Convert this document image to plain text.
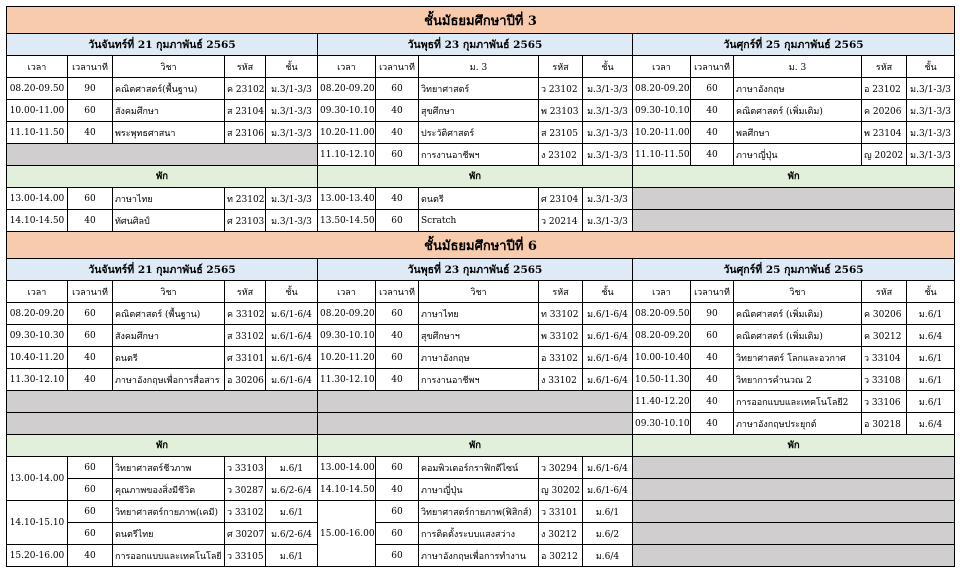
ชั้นมัธยมศึกษาปีที่ 3														
วันจันทร์ที่ 21 กุมภาพันธ์ 2565					วันพุธที่ 23 กุมภาพันธ์ 2565					วันศุกร์ที่ 25 กุมภาพันธ์ 2565				
เวลา	เวลานาที	วิชา	รหัส	ชั้น	เวลา	เวลานาที	ม. 3	รหัส	ชั้น	เวลา	เวลานาที	ม. 3	รหัส	ชั้น
08.20-09.50	90	คณิตศาสตร์(พื้นฐาน)	ค 23102	ม.3/1-3/3	08.20-09.20	60	วิทยาศาสตร์	ว 23102	ม.3/1-3/3	08.20-09.20	60	ภาษาอังกฤษ	อ 23102	ม.3/1-3/3
10.00-11.00	60	สังคมศึกษา	ส 23104	ม.3/1-3/3	09.30-10.10	40	สุขศึกษา	พ 23103	ม.3/1-3/3	09.30-10.10	40	คณิตศาสตร์ (เพิ่มเติม)	ค 20206	ม.3/1-3/3
11.10-11.50	40	พระพุทธศาสนา	ส 23106	ม.3/1-3/3	10.20-11.00	40	ประวัติศาสตร์	ส 23105	ม.3/1-3/3	10.20-11.00	40	พลศึกษา	พ 23104	ม.3/1-3/3
					11.10-12.10	60	การงานอาชีพฯ	ง 23102	ม.3/1-3/3	11.10-11.50	40	ภาษาญี่ปุ่น	ญ 20202	ม.3/1-3/3
พัก					พัก					พัก				
13.00-14.00	60	ภาษาไทย	ท 23102	ม.3/1-3/3	13.00-13.40	40	ดนตรี	ศ 23104	ม.3/1-3/3					
14.10-14.50	40	ทัศนศิลป์	ศ 23103	ม.3/1-3/3	13.50-14.50	60	Scratch	ว 20214	ม.3/1-3/3					
ชั้นมัธยมศึกษาปีที่ 6														
วันจันทร์ที่ 21 กุมภาพันธ์ 2565					วันพุธที่ 23 กุมภาพันธ์ 2565					วันศุกร์ที่ 25 กุมภาพันธ์ 2565				
เวลา	เวลานาที	วิชา	รหัส	ชั้น	เวลา	เวลานาที	วิชา	รหัส	ชั้น	เวลา	เวลานาที	วิชา	รหัส	ชั้น
08.20-09.20	60	คณิตศาสตร์ (พื้นฐาน)	ค 33102	ม.6/1-6/4	08.20-09.20	60	ภาษาไทย	ท 33102	ม.6/1-6/4	08.20-09.50	90	คณิตศาสตร์ (เพิ่มเติม)	ค 30206	ม.6/1
09.30-10.30	60	สังคมศึกษา	ส 33102	ม.6/1-6/4	09.30-10.10	40	สุขศึกษาฯ	พ 33102	ม.6/1-6/4	08.20-09.20	60	คณิตศาสตร์ (เพิ่มเติม)	ค 30212	ม.6/4
10.40-11.20	40	ดนตรี	ศ 33101	ม.6/1-6/4	10.20-11.20	60	ภาษาอังกฤษ	อ 33102	ม.6/1-6/4	10.00-10.40	40	วิทยาศาสตร์ โลกและอวกาศ	ว 33104	ม.6/1
11.30-12.10	40	ภาษาอังกฤษเพื่อการสื่อสาร	อ 30206	ม.6/1-6/4	11.30-12.10	40	การงานอาชีพฯ	ง 33102	ม.6/1-6/4	10.50-11.30	40	วิทยาการคำนวณ 2	ว 33108	ม.6/1
										11.40-12.20	40	การออกแบบและเทคโนโลยี2	ว 33106	ม.6/1
										09.30-10.10	40	ภาษาอังกฤษประยุกต์	อ 30218	ม.6/4
พัก					พัก					พัก				
13.00-14.00	60	วิทยาศาสตร์ชีวภาพ	ว 33103	ม.6/1	13.00-14.00	60	คอมพิวเตอร์กราฟิกดีไซน์	ว 30294	ม.6/1-6/4					
	60	คุณภาพของสิ่งมีชีวิต	ว 30287	ม.6/2-6/4	14.10-14.50	40	ภาษาญี่ปุ่น	ญ 30202	ม.6/1-6/4					
14.10-15.10	60	วิทยาศาสตร์กายภาพ(เคมี)	ว 33102	ม.6/1	15.00-16.00	60	วิทยาศาสตร์กายภาพ(ฟิสิกส์)	ว 33101	ม.6/1					
	60	ดนตรีไทย	ศ 30207	ม.6/2-6/4		60	การติดตั้งระบบแสงสว่าง	ง 30212	ม.6/2					
15.20-16.00	40	การออกแบบและเทคโนโลยี	ว 33105	ม.6/1		60	ภาษาอังกฤษเพื่อการทำงาน	อ 30212	ม.6/4					
